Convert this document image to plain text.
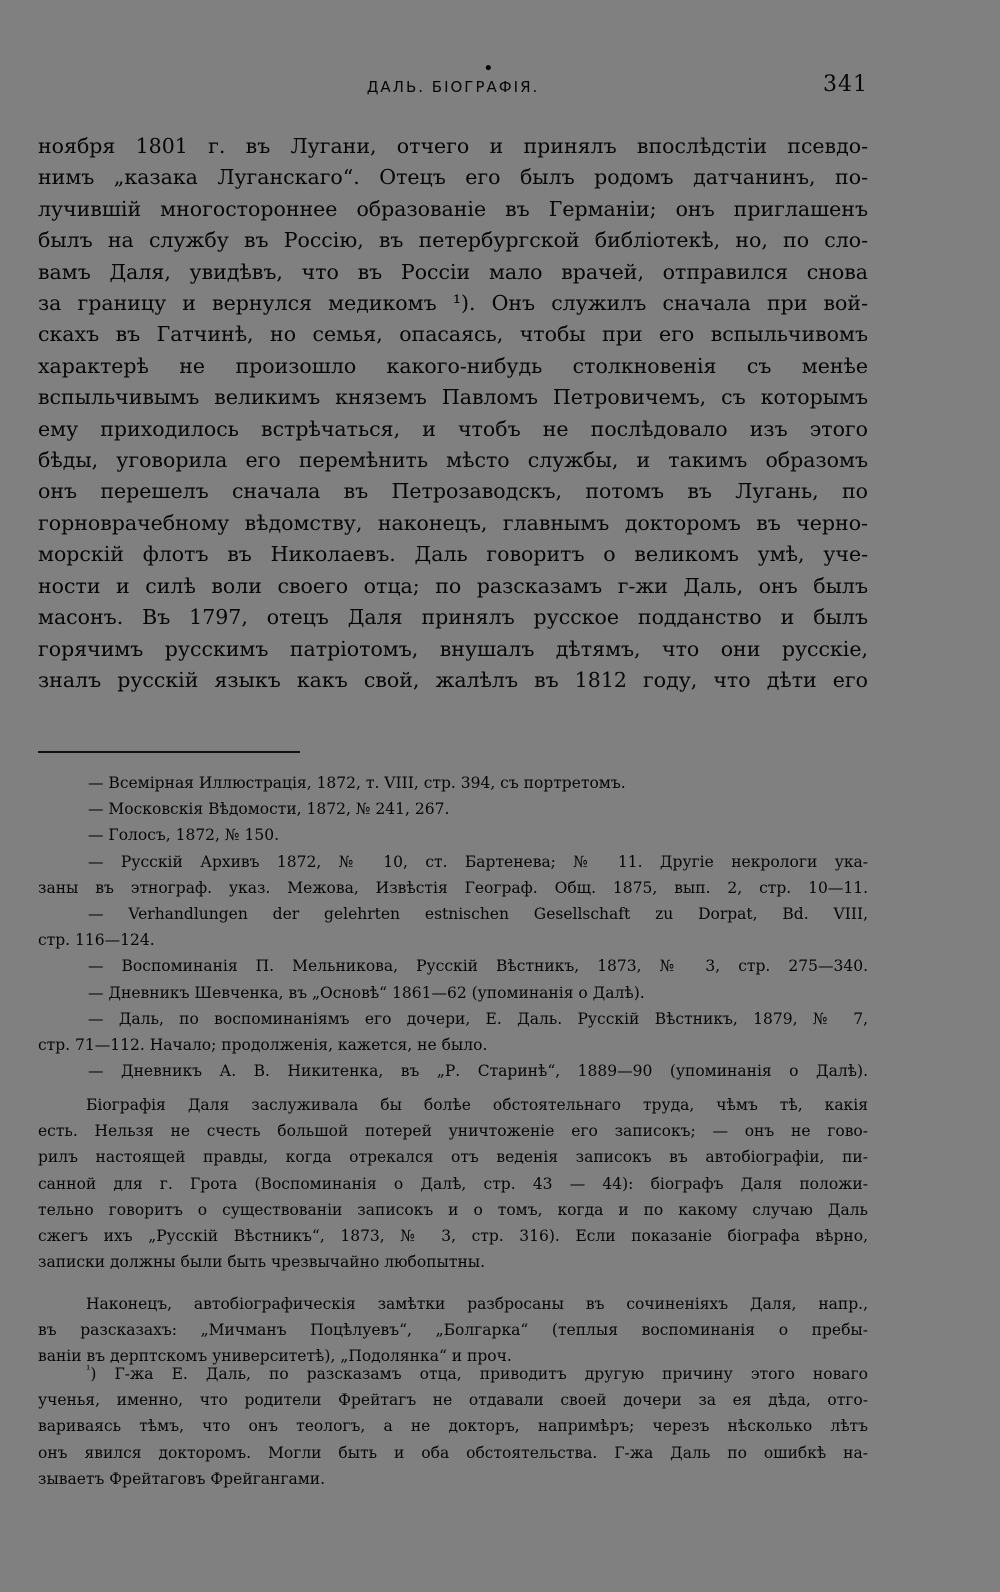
•
ДАЛЬ. БІОГРАФІЯ.	341
ноября 1801 г. въ Лугани, отчего и принялъ впослѣдстіи псевдо-
нимъ „казака Луганскаго“. Отецъ его былъ родомъ датчанинъ, по-
лучившій многостороннее образованіе въ Германіи; онъ приглашенъ
былъ на службу въ Россію, въ петербургской библіотекѣ, но, по сло-
вамъ Даля, увидѣвъ, что въ Россіи мало врачей, отправился снова
за границу и вернулся медикомъ ¹). Онъ служилъ сначала при вой-
скахъ въ Гатчинѣ, но семья, опасаясь, чтобы при его вспыльчивомъ
характерѣ не произошло какого-нибудь столкновенія съ менѣе
вспыльчивымъ великимъ княземъ Павломъ Петровичемъ, съ которымъ
ему приходилось встрѣчаться, и чтобъ не послѣдовало изъ этого
бѣды, уговорила его перемѣнить мѣсто службы, и такимъ образомъ
онъ перешелъ сначала въ Петрозаводскъ, потомъ въ Лугань, по
горноврачебному вѣдомству, наконецъ, главнымъ докторомъ въ черно-
морскій флотъ въ Николаевъ. Даль говоритъ о великомъ умѣ, уче-
ности и силѣ воли своего отца; по разсказамъ г-жи Даль, онъ былъ
масонъ. Въ 1797, отецъ Даля принялъ русское подданство и былъ
горячимъ русскимъ патріотомъ, внушалъ дѣтямъ, что они русскіе,
зналъ русскій языкъ какъ свой, жалѣлъ въ 1812 году, что дѣти его
— Всемірная Иллюстрація, 1872, т. VIII, стр. 394, съ портретомъ.
— Московскія Вѣдомости, 1872, № 241, 267.
— Голосъ, 1872, № 150.
— Русскій Архивъ 1872, № 10, ст. Бартенева; № 11. Другіе некрологи ука-
заны въ этнограф. указ. Межова, Извѣстія Географ. Общ. 1875, вып. 2, стр. 10—11.
— Verhandlungen der gelehrten estnischen Gesellschaft zu Dorpat, Bd. VIII,
стр. 116—124.
— Воспоминанія П. Мельникова, Русскій Вѣстникъ, 1873, № 3, стр. 275—340.
— Дневникъ Шевченка, въ „Основѣ“ 1861—62 (упоминанія о Далѣ).
— Даль, по воспоминаніямъ его дочери, Е. Даль. Русскій Вѣстникъ, 1879, № 7,
стр. 71—112. Начало; продолженія, кажется, не было.
— Дневникъ А. В. Никитенка, въ „Р. Старинѣ“, 1889—90 (упоминанія о Далѣ).
Біографія Даля заслуживала бы болѣе обстоятельнаго труда, чѣмъ тѣ, какія
есть. Нельзя не счесть большой потерей уничтоженіе его записокъ; — онъ не гово-
рилъ настоящей правды, когда отрекался отъ веденія записокъ въ автобіографіи, пи-
санной для г. Грота (Воспоминанія о Далѣ, стр. 43 — 44): біографъ Даля положи-
тельно говоритъ о существованіи записокъ и о томъ, когда и по какому случаю Даль
сжегъ ихъ „Русскій Вѣстникъ“, 1873, № 3, стр. 316). Если показаніе біографа вѣрно,
записки должны были быть чрезвычайно любопытны.
Наконецъ, автобіографическія замѣтки разбросаны въ сочиненіяхъ Даля, напр.,
въ разсказахъ: „Мичманъ Поцѣлуевъ“, „Болгарка“ (теплыя воспоминанія о пребы-
ваніи въ дерптскомъ университетѣ), „Подолянка“ и проч.
$^{^1}$) Г-жа Е. Даль, по разсказамъ отца, приводитъ другую причину этого новаго
ученья, именно, что родители Фрейтагъ не отдавали своей дочери за ея дѣда, отго-
вариваясь тѣмъ, что онъ теологъ, а не докторъ, напримѣръ; черезъ нѣсколько лѣтъ
онъ явился докторомъ. Могли быть и оба обстоятельства. Г-жа Даль по ошибкѣ на-
зываетъ Фрейтаговъ Фрейгангами.
